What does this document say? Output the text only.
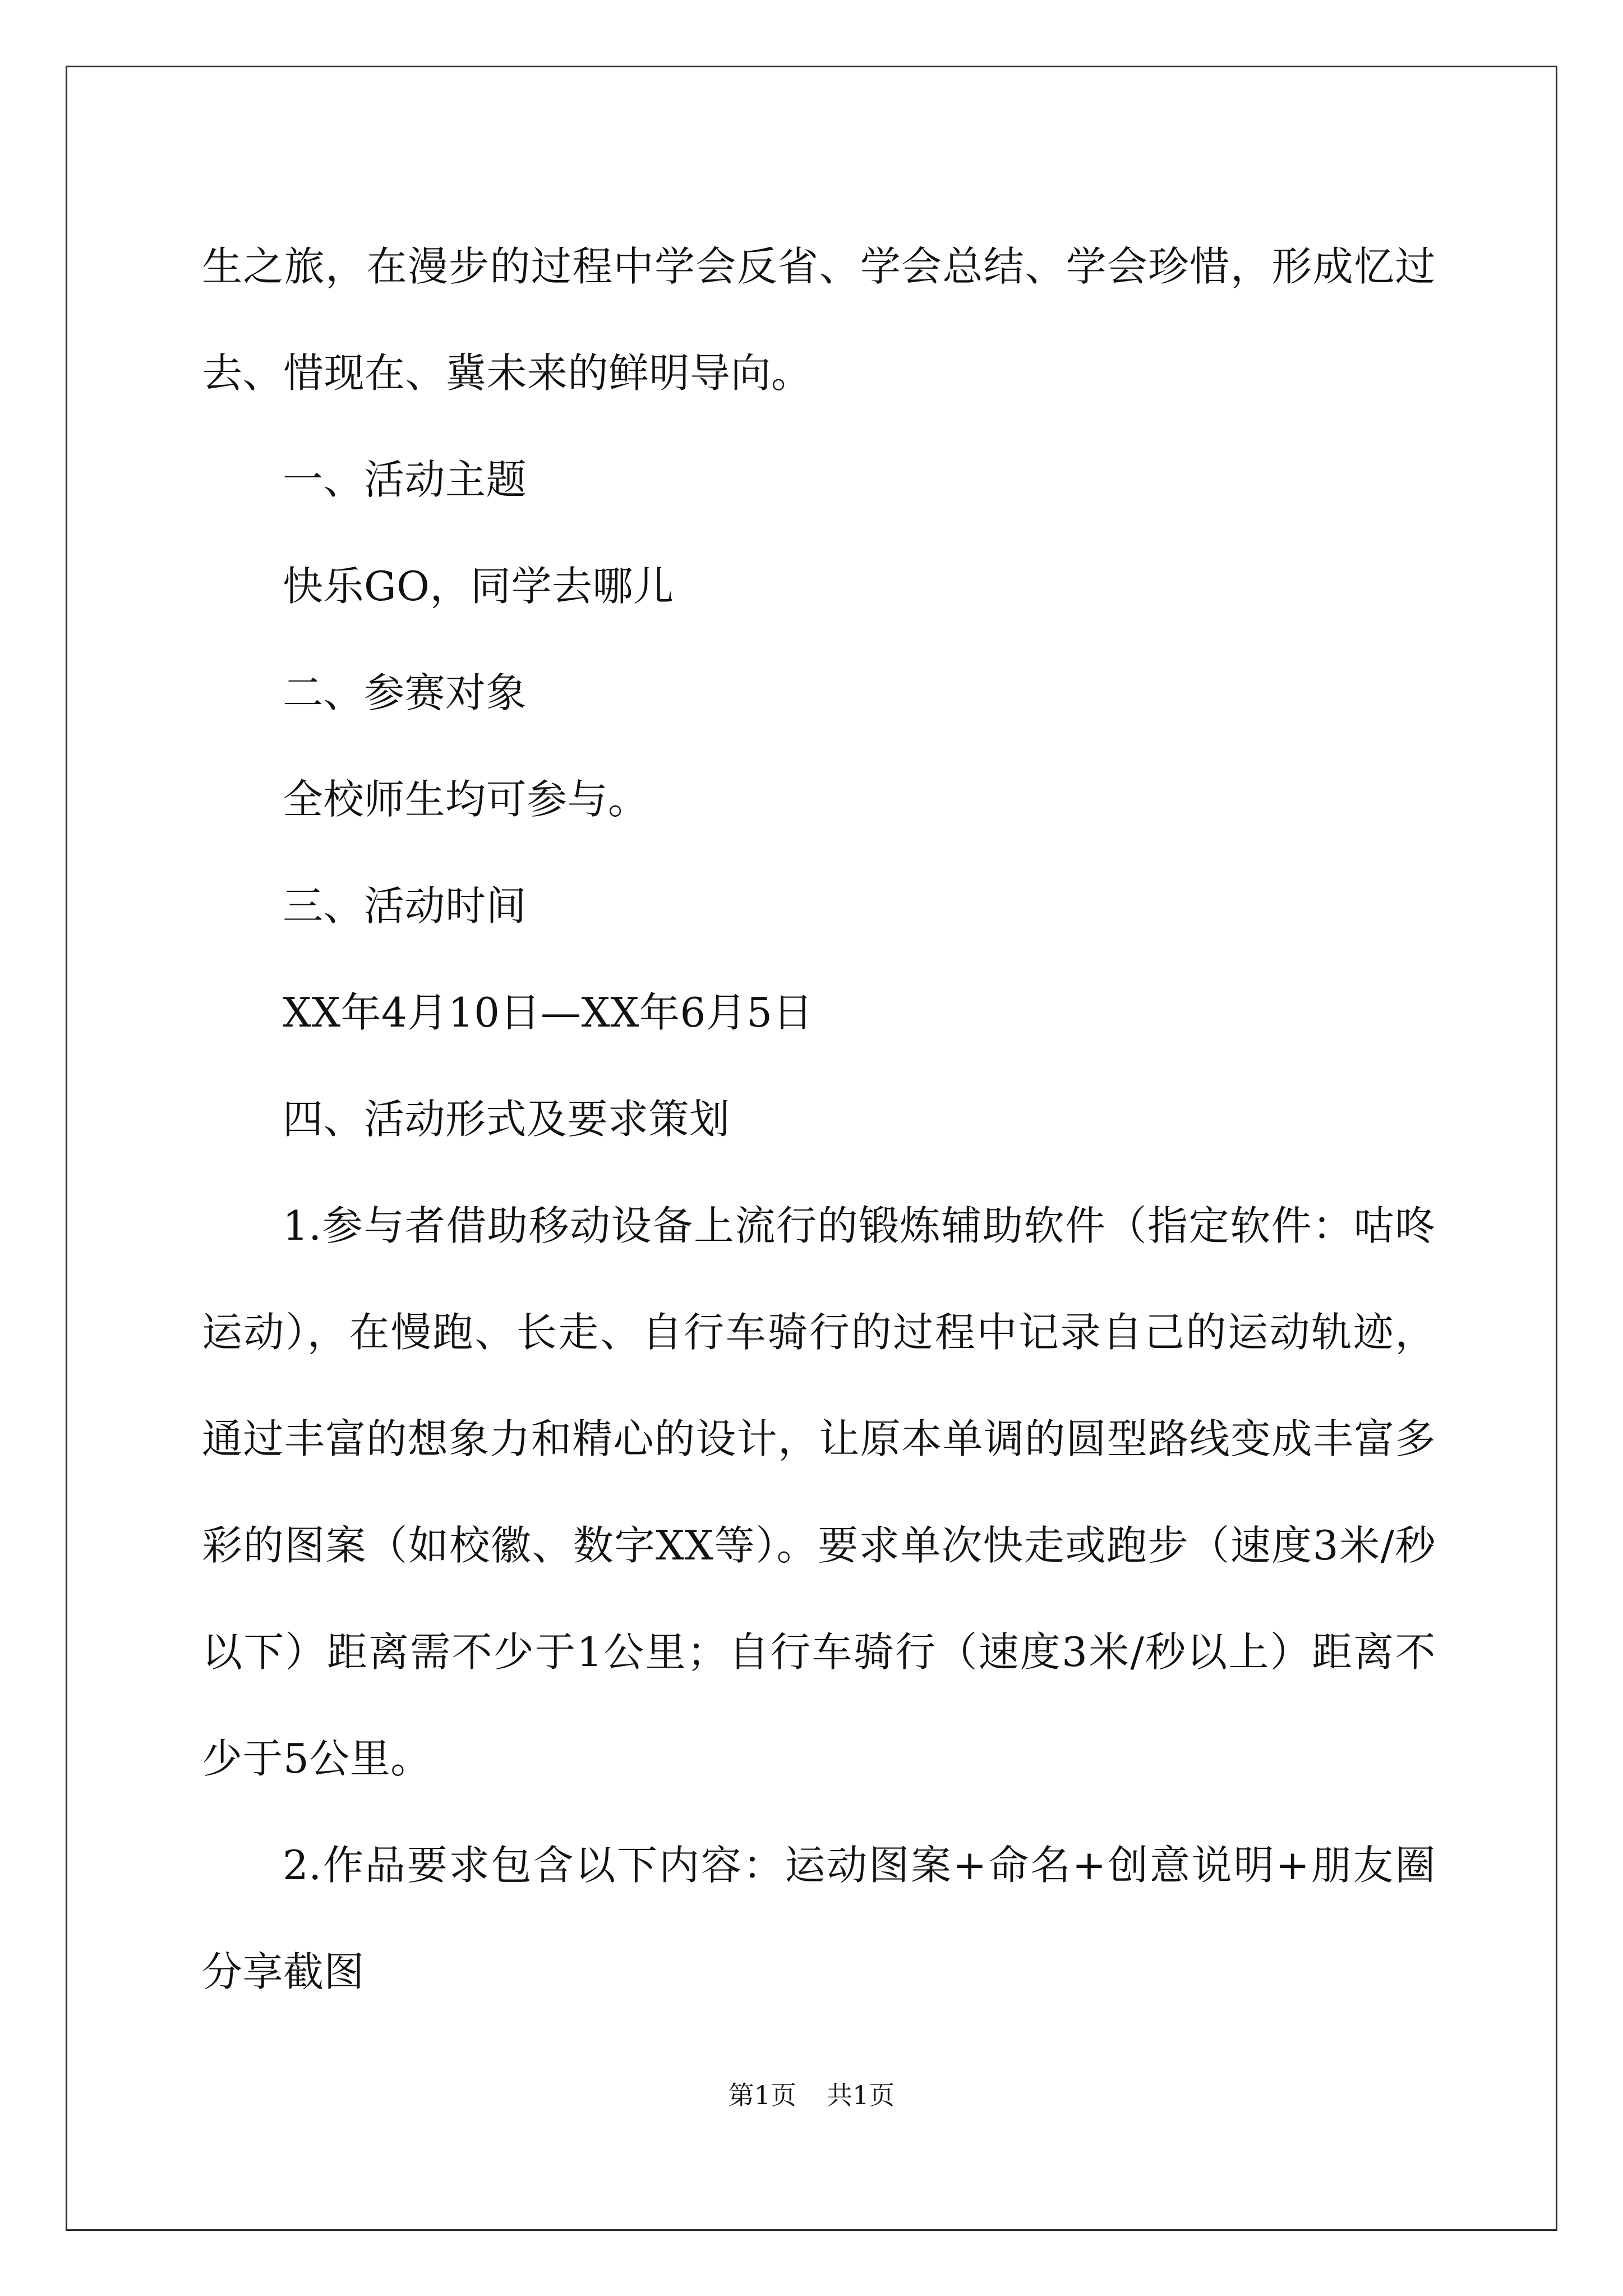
生之旅，在漫步的过程中学会反省、学会总结、学会珍惜，形成忆过去、惜现在、冀未来的鲜明导向。

一、活动主题

快乐GO，同学去哪儿

二、参赛对象

全校师生均可参与。

三、活动时间

XX年4月10日—XX年6月5日

四、活动形式及要求策划

1.参与者借助移动设备上流行的锻炼辅助软件（指定软件：咕咚运动），在慢跑、长走、自行车骑行的过程中记录自己的运动轨迹，通过丰富的想象力和精心的设计，让原本单调的圆型路线变成丰富多彩的图案（如校徽、数字XX等）。要求单次快走或跑步（速度3米/秒以下）距离需不少于1公里；自行车骑行（速度3米/秒以上）距离不少于5公里。

2.作品要求包含以下内容：运动图案+命名+创意说明+朋友圈分享截图

第1页 共1页
